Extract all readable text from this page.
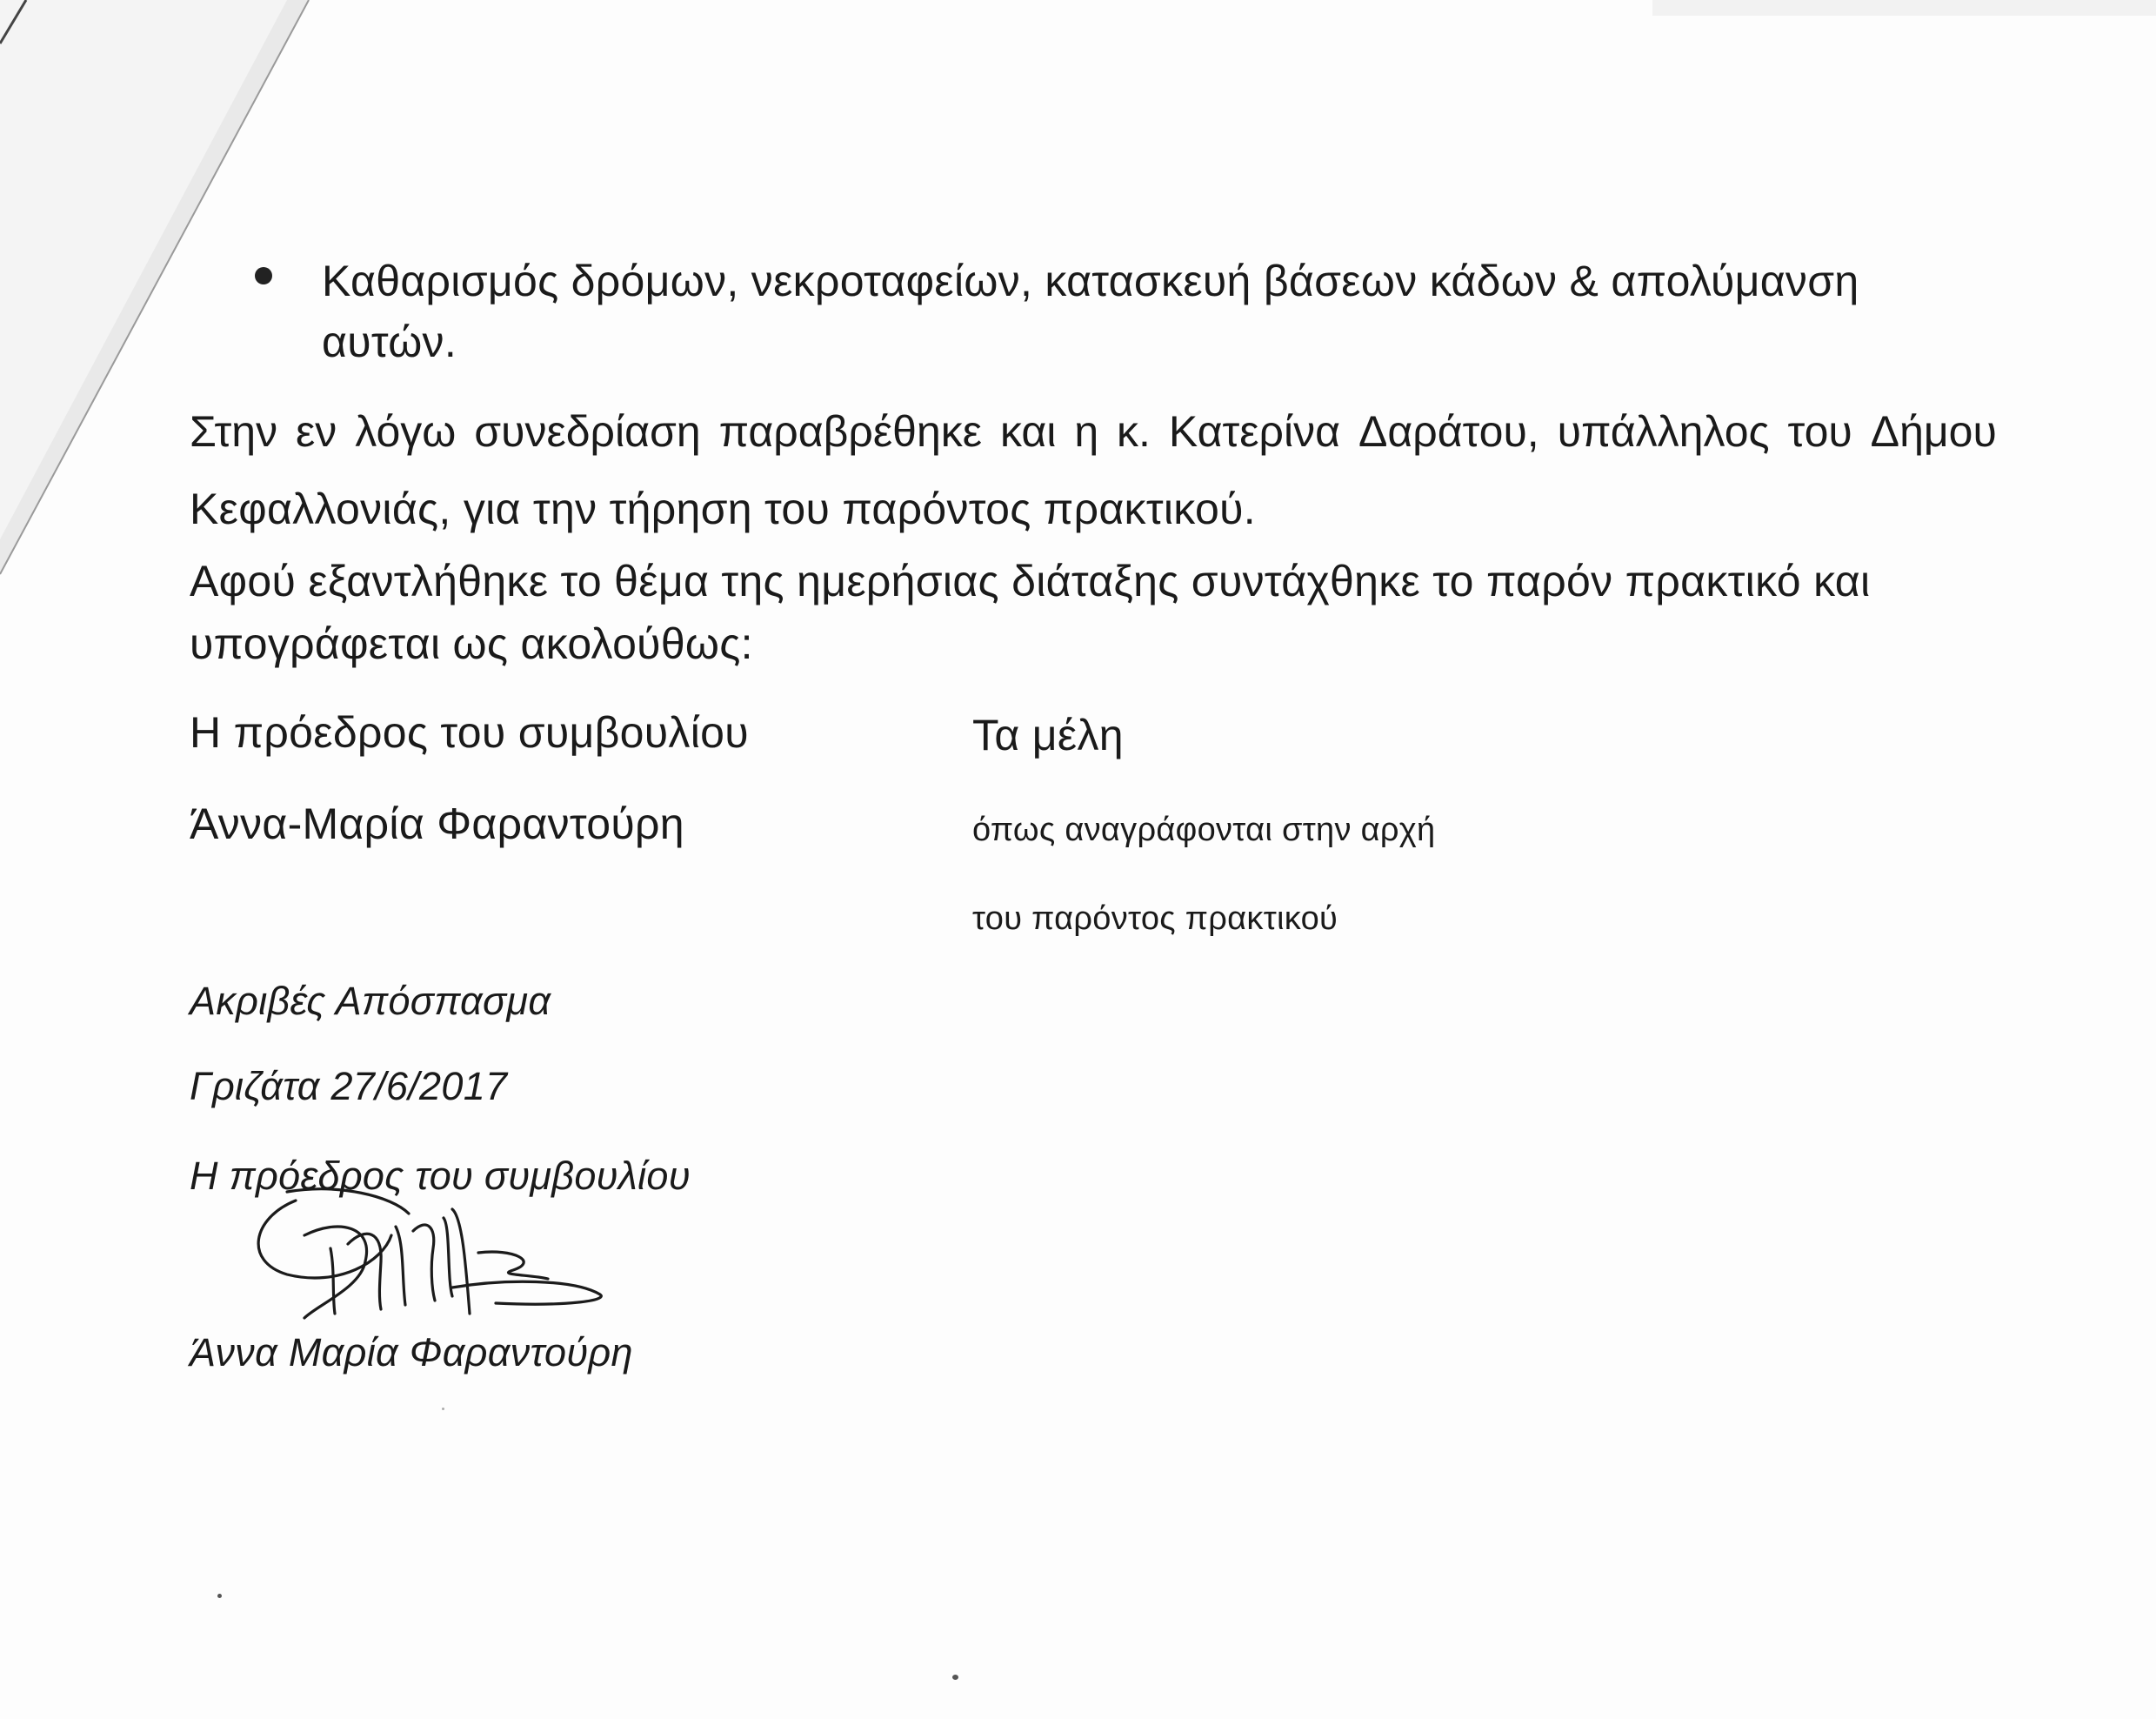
Καθαρισμός δρόμων, νεκροταφείων, κατασκευή βάσεων κάδων & απολύμανση
αυτών.
Στην εν λόγω συνεδρίαση παραβρέθηκε και η κ. Κατερίνα Δαράτου, υπάλληλος του Δήμου
Κεφαλλονιάς, για την τήρηση του παρόντος πρακτικού.
Αφού εξαντλήθηκε το θέμα της ημερήσιας διάταξης συντάχθηκε το παρόν πρακτικό και
υπογράφεται ως ακολούθως:
Η πρόεδρος του συμβουλίου	Τα μέλη
Άννα-Μαρία Φαραντούρη	όπως αναγράφονται στην αρχή
του παρόντος πρακτικού
Ακριβές Απόσπασμα
Γριζάτα 27/6/2017
Η πρόεδρος του συμβουλίου
Άννα Μαρία Φαραντούρη
